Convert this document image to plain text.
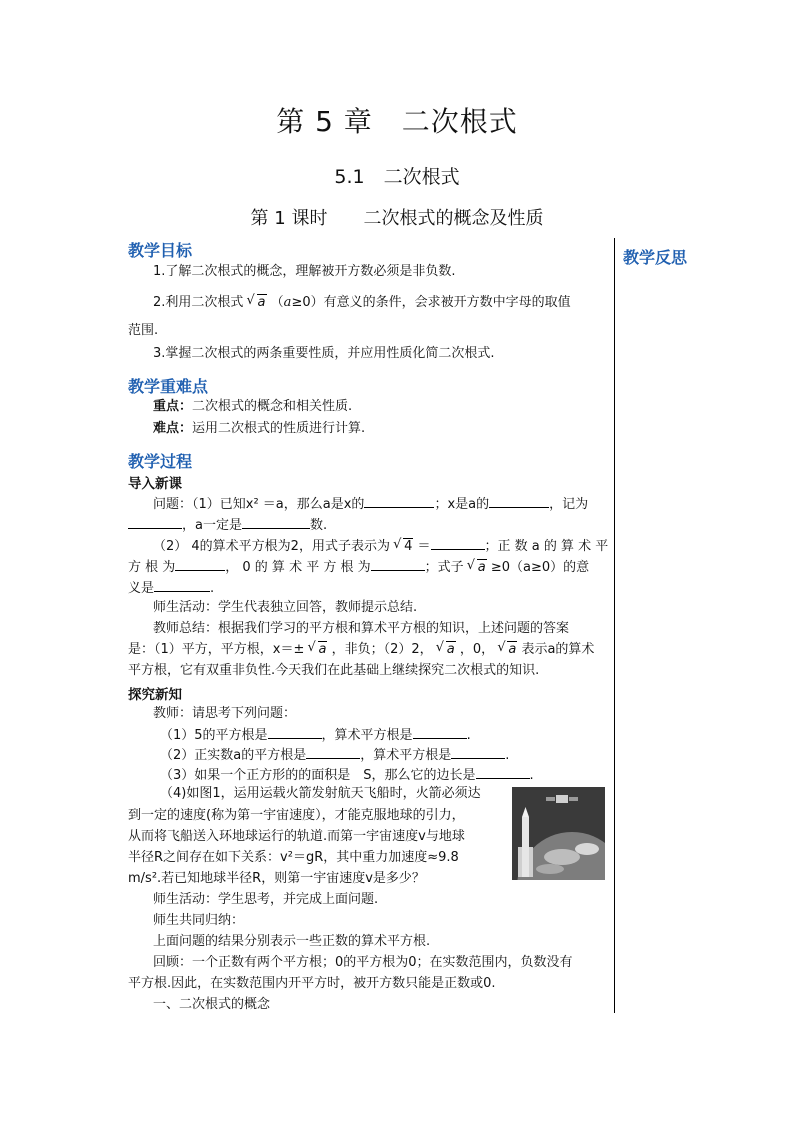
第 5 章　二次根式
5.1　二次根式
第 1 课时　　二次根式的概念及性质
教学反思
教学目标
1.了解二次根式的概念，理解被开方数必须是非负数.
2.利用二次根式 √ a （a≥0）有意义的条件，会求被开方数中字母的取值
范围.
3.掌握二次根式的两条重要性质，并应用性质化简二次根式.
教学重难点
重点：二次根式的概念和相关性质.
难点：运用二次根式的性质进行计算.
教学过程
导入新课
问题：（1）已知x² ＝a，那么a是x的	；x是a的	，记为
，a一定是	数.
（2） 4的算术平方根为2，用式子表示为 √ 4 ＝	；正 数 a 的 算 术 平
方 根 为	， 0 的 算 术 平 方 根 为	；式子 √ a ≥0（a≥0）的意
义是	.
师生活动：学生代表独立回答，教师提示总结.
教师总结：根据我们学习的平方根和算术平方根的知识，上述问题的答案
是：（1）平方，平方根，x＝± √ a ，非负；（2）2， √ a ，0， √ a 表示a的算术
平方根，它有双重非负性.今天我们在此基础上继续探究二次根式的知识.
探究新知
教师：请思考下列问题：
（1）5的平方根是	，算术平方根是	.
（2）正实数a的平方根是	，算术平方根是	.
（3）如果一个正方形的的面积是　S，那么它的边长是	.
（4)如图1，运用运载火箭发射航天飞船时，火箭必须达
到一定的速度(称为第一宇宙速度），才能克服地球的引力，
从而将飞船送入环地球运行的轨道.而第一宇宙速度v与地球
半径R之间存在如下关系：v²＝gR，其中重力加速度≈9.8
m/s².若已知地球半径R，则第一宇宙速度v是多少？
师生活动：学生思考，并完成上面问题.
师生共同归纳：
上面问题的结果分别表示一些正数的算术平方根.
回顾：一个正数有两个平方根；0的平方根为0；在实数范围内，负数没有
平方根.因此，在实数范围内开平方时，被开方数只能是正数或0.
一、二次根式的概念
